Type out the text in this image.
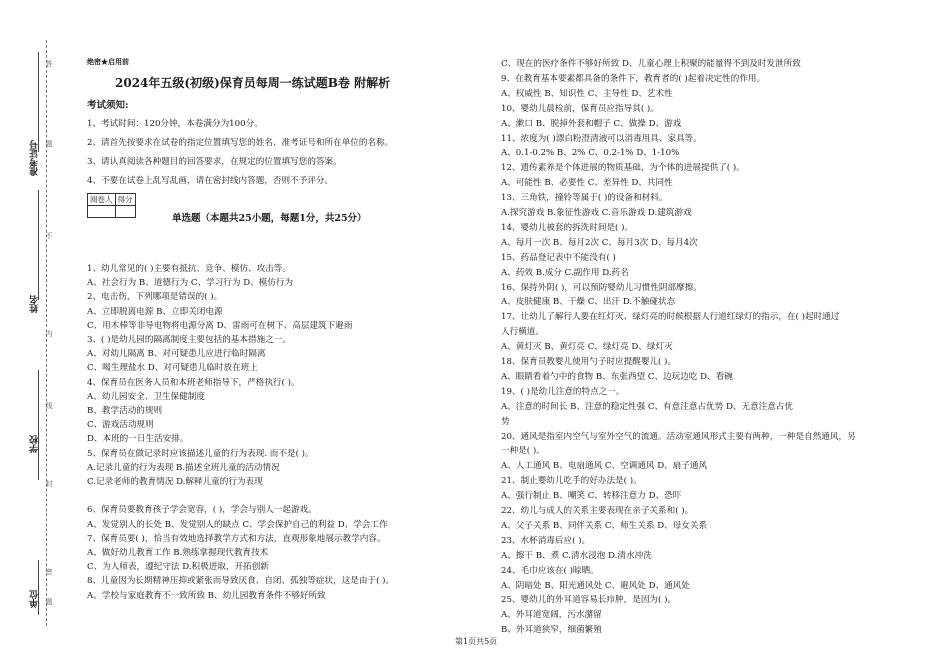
准考证号
姓名
学校
单位
答
题
不
内
线
封
密
题
绝密★启用前
2024年五级(初级)保育员每周一练试题B卷 附解析
考试须知:
1、考试时间：120分钟，本卷满分为100分。
2、请首先按要求在试卷的指定位置填写您的姓名、准考证号和所在单位的名称。
3、请认真阅读各种题目的回答要求，在规定的位置填写您的答案。
4、不要在试卷上乱写乱画，请在密封线内答题，否则不予评分。
阅卷人	得分

单选题（本题共25小题，每题1分，共25分）
1、幼儿常见的( )主要有抵抗、竞争、模仿、攻击等。
A、社会行为 B、道德行为 C、学习行为 D、模仿行为
2、电击伤，下列哪项是错误的( )。
A、立即脱离电源 B、立即关闭电源
C、用木棒等非导电物将电源分离 D、雷雨可在树下、高层建筑下避雨
3、( )是幼儿园的隔离制度主要包括的基本措施之一。
A、对幼儿隔离 B、对可疑患儿应进行临时隔离
C、喝生理盐水 D、对可疑患儿临时放在班上
4、保育员在医务人员和本班老师指导下，严格执行( )。
A、幼儿园安全、卫生保健制度
B、教学活动的规则
C、游戏活动规则
D、本班的一日生活安排。
5、保育员在做记录时应该描述儿童的行为表现. 而不是( )。
A.记录儿童的行为表现 B.描述全班儿童的活动情况
C.记录老师的教育情况 D.解释儿童的行为表现
6、保育员要教育孩子学会宽容，( )，学会与别人一起游戏。
A、发觉别人的长处 B、发觉别人的缺点 C、学会保护自己的利益 D、学会工作
7、保育员要( )，恰当有效地选择教学方式和方法，直观形象地展示教学内容。
A、做好幼儿教育工作 B.熟练掌握现代教育技术
C、为人师表，遵纪守法 D.积极进取，开拓创新
8、儿童因为长期精神压抑或紧张而导致厌食、自闭、孤独等症状，这是由于( )。
A、学校与家庭教育不一致所致 B、幼儿园教育条件不够好所致
C、现在的医疗条件不够好所致 D、儿童心理上积聚的能量得不到及时发泄所致
9、在教育基本要素都具备的条件下，教育者的( )起着决定性的作用。
A、权威性 B、知识性 C、主导性 D、艺术性
10、婴幼儿晨检前，保育员应指导其( )。
A、漱口 B、脱掉外套和帽子 C、做操 D、游戏
11、浓度为( )漂白粉澄清液可以消毒用具、家具等。
A、0.1-0.2% B、2% C、0.2-1% D、1-10%
12、遗传素养是个体进展的物质基础，为个体的进展提供了( )。
A、可能性 B、必要性 C、差异性 D、共同性
13、三角铁，撞铃等属于( )的设备和材料。
A.探究游戏 B.象征性游戏 C.音乐游戏 D.建筑游戏
14、婴幼儿被套的拆洗时间是( )。
A、每月一次 B、每月2次 C、每月3次 D、每月4次
15、药品登记表中不能没有( )
A、药效 B.成分 C.副作用 D.药名
16、保持外阴( )，可以预防婴幼儿习惯性阴部摩擦。
A、皮肤健康 B、干燥 C、出汗 D.不触碰状态
17、让幼儿了解行人要在红灯灭、绿灯亮的时候根据人行道红绿灯的指示，在( )起时通过
人行横道。
A、黄灯灭 B、黄灯亮 C、绿灯亮 D、绿灯灭
18、保育员教婴儿使用勺子时应提醒婴儿( )。
A、眼睛看着勺中的食物 B、东张西望 C、边玩边吃 D、看碗
19、( )是幼儿注意的特点之一。
A、注意的时间长 B、注意的稳定性强 C、有意注意占优势 D、无意注意占优
势
20、通风是指室内空气与室外空气的流通。活动室通风形式主要有两种，一种是自然通风，另
一种是( )。
A、人工通风 B、电扇通风 C、空调通风 D、扇子通风
21、制止婴幼儿吃手的好办法是( )。
A、强行制止 B、嘲笑 C、转移注意力 D、恐吓
22、幼儿与成人的关系主要表现在亲子关系和( )。
A、父子关系 B、同伴关系 C、师生关系 D、母女关系
23、水杯消毒后应( )。
A、擦干 B、煮 C.清水浸泡 D.清水冲洗
24、毛巾应该在( )晾晒。
A、阴暗处 B、阳光通风处 C、避风处 D、通风处
25、婴幼儿的外耳道容易长疖肿，是因为( )。
A、外耳道宽阔，污水潴留
B、外耳道狭窄，细菌繁殖
第1页共5页
